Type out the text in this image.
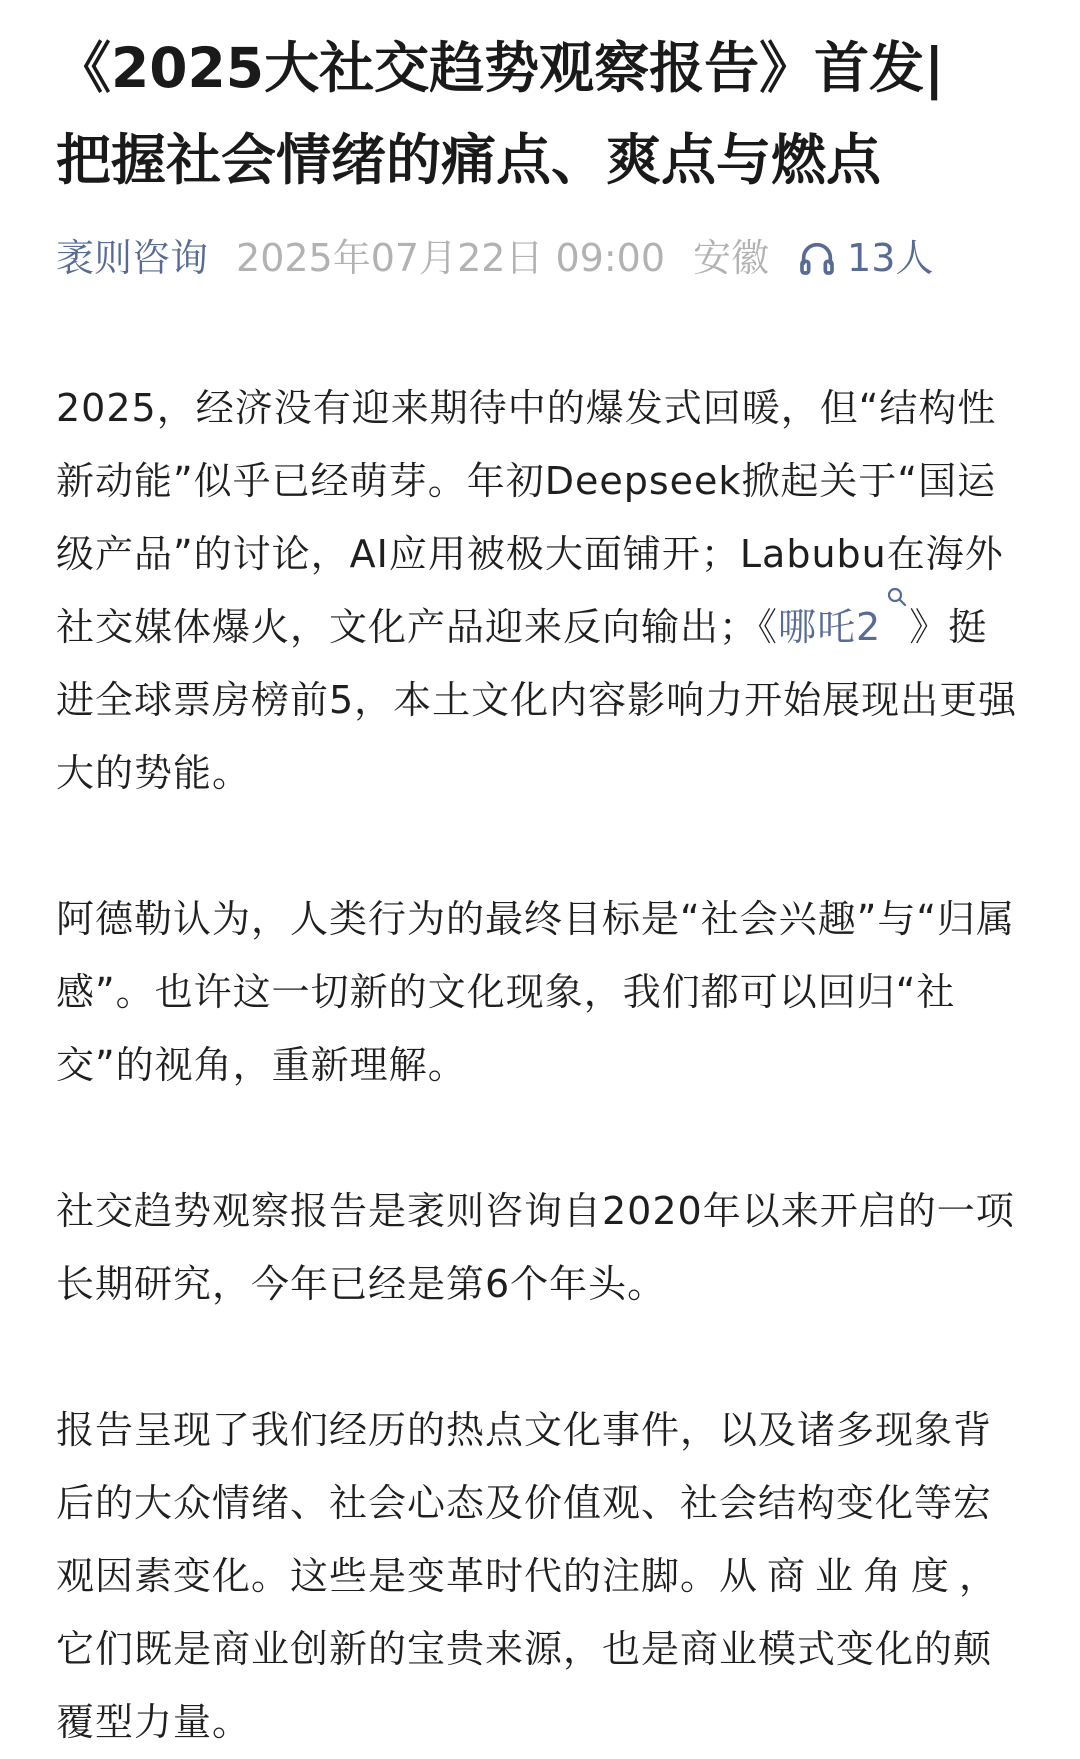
《2025大社交趋势观察报告》首发|
把握社会情绪的痛点、爽点与燃点
袤则咨询 2025年07月22日 09:00 安徽 13人

2025，经济没有迎来期待中的爆发式回暖，但“结构性新动能”似乎已经萌芽。年初Deepseek掀起关于“国运级产品”的讨论，AI应用被极大面铺开；Labubu在海外社交媒体爆火，文化产品迎来反向输出；《 哪吒2 》挺进全球票房榜前5，本土文化内容影响力开始展现出更强大的势能。

阿德勒认为，人类行为的最终目标是“社会兴趣”与“归属感”。也许这一切新的文化现象，我们都可以回归“社交”的视角，重新理解。

社交趋势观察报告是袤则咨询自2020年以来开启的一项长期研究，今年已经是第6个年头。

报告呈现了我们经历的热点文化事件，以及诸多现象背后的大众情绪、社会心态及价值观、社会结构变化等宏观因素变化。这些是变革时代的注脚。从商业角度，它们既是商业创新的宝贵来源，也是商业模式变化的颠覆型力量。
